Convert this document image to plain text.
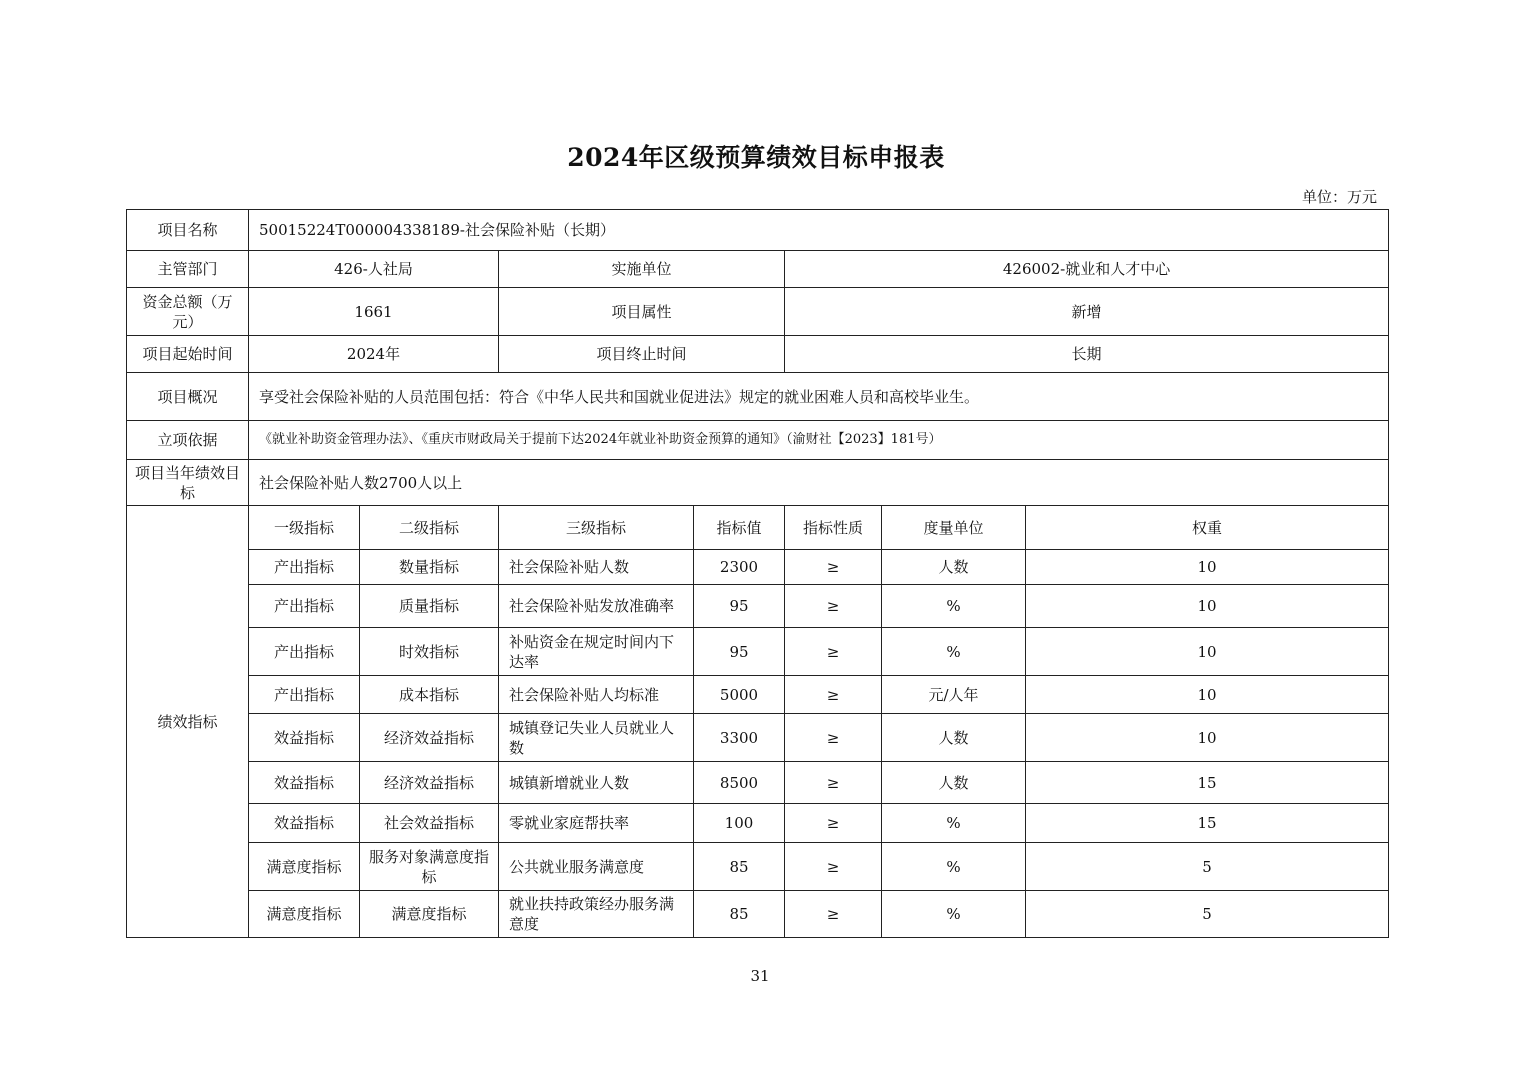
2024年区级预算绩效目标申报表
单位：万元
项目名称	50015224T000004338189-社会保险补贴（长期）						
主管部门	426-人社局		实施单位		426002-就业和人才中心		
资金总额（万元）	1661		项目属性		新增		
项目起始时间	2024年		项目终止时间		长期		
项目概况	享受社会保险补贴的人员范围包括：符合《中华人民共和国就业促进法》规定的就业困难人员和高校毕业生。						
立项依据	《就业补助资金管理办法》、《重庆市财政局关于提前下达2024年就业补助资金预算的通知》（渝财社【2023】181号）						
项目当年绩效目标	社会保险补贴人数2700人以上						
绩效指标	一级指标	二级指标	三级指标	指标值	指标性质	度量单位	权重
	产出指标	数量指标	社会保险补贴人数	2300	≥	人数	10
	产出指标	质量指标	社会保险补贴发放准确率	95	≥	%	10
	产出指标	时效指标	补贴资金在规定时间内下达率	95	≥	%	10
	产出指标	成本指标	社会保险补贴人均标准	5000	≥	元/人年	10
	效益指标	经济效益指标	城镇登记失业人员就业人数	3300	≥	人数	10
	效益指标	经济效益指标	城镇新增就业人数	8500	≥	人数	15
	效益指标	社会效益指标	零就业家庭帮扶率	100	≥	%	15
	满意度指标	服务对象满意度指标	公共就业服务满意度	85	≥	%	5
	满意度指标	满意度指标	就业扶持政策经办服务满意度	85	≥	%	5
31
